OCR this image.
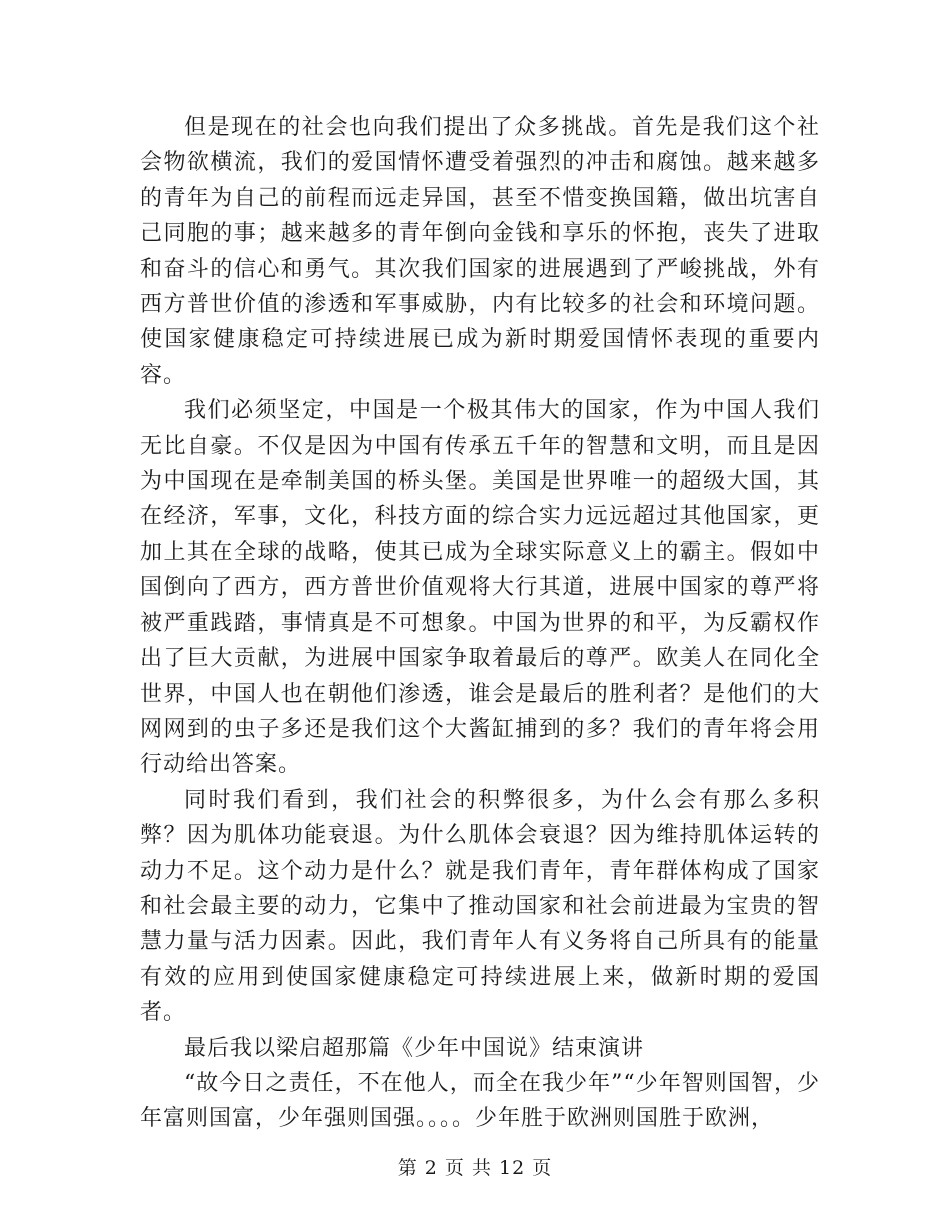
但是现在的社会也向我们提出了众多挑战。首先是我们这个社会物欲横流，我们的爱国情怀遭受着强烈的冲击和腐蚀。越来越多的青年为自己的前程而远走异国，甚至不惜变换国籍，做出坑害自己同胞的事；越来越多的青年倒向金钱和享乐的怀抱，丧失了进取和奋斗的信心和勇气。其次我们国家的进展遇到了严峻挑战，外有西方普世价值的渗透和军事威胁，内有比较多的社会和环境问题。使国家健康稳定可持续进展已成为新时期爱国情怀表现的重要内容。

我们必须坚定，中国是一个极其伟大的国家，作为中国人我们无比自豪。不仅是因为中国有传承五千年的智慧和文明，而且是因为中国现在是牵制美国的桥头堡。美国是世界唯一的超级大国，其在经济，军事，文化，科技方面的综合实力远远超过其他国家，更加上其在全球的战略，使其已成为全球实际意义上的霸主。假如中国倒向了西方，西方普世价值观将大行其道，进展中国家的尊严将被严重践踏，事情真是不可想象。中国为世界的和平，为反霸权作出了巨大贡献，为进展中国家争取着最后的尊严。欧美人在同化全世界，中国人也在朝他们渗透，谁会是最后的胜利者？是他们的大网网到的虫子多还是我们这个大酱缸捕到的多？我们的青年将会用行动给出答案。

同时我们看到，我们社会的积弊很多，为什么会有那么多积弊？因为肌体功能衰退。为什么肌体会衰退？因为维持肌体运转的动力不足。这个动力是什么？就是我们青年，青年群体构成了国家和社会最主要的动力，它集中了推动国家和社会前进最为宝贵的智慧力量与活力因素。因此，我们青年人有义务将自己所具有的能量有效的应用到使国家健康稳定可持续进展上来，做新时期的爱国者。

最后我以梁启超那篇《少年中国说》结束演讲

“故今日之责任，不在他人，而全在我少年”“少年智则国智，少年富则国富，少年强则国强。。。。少年胜于欧洲则国胜于欧洲，

第 2 页 共 12 页
